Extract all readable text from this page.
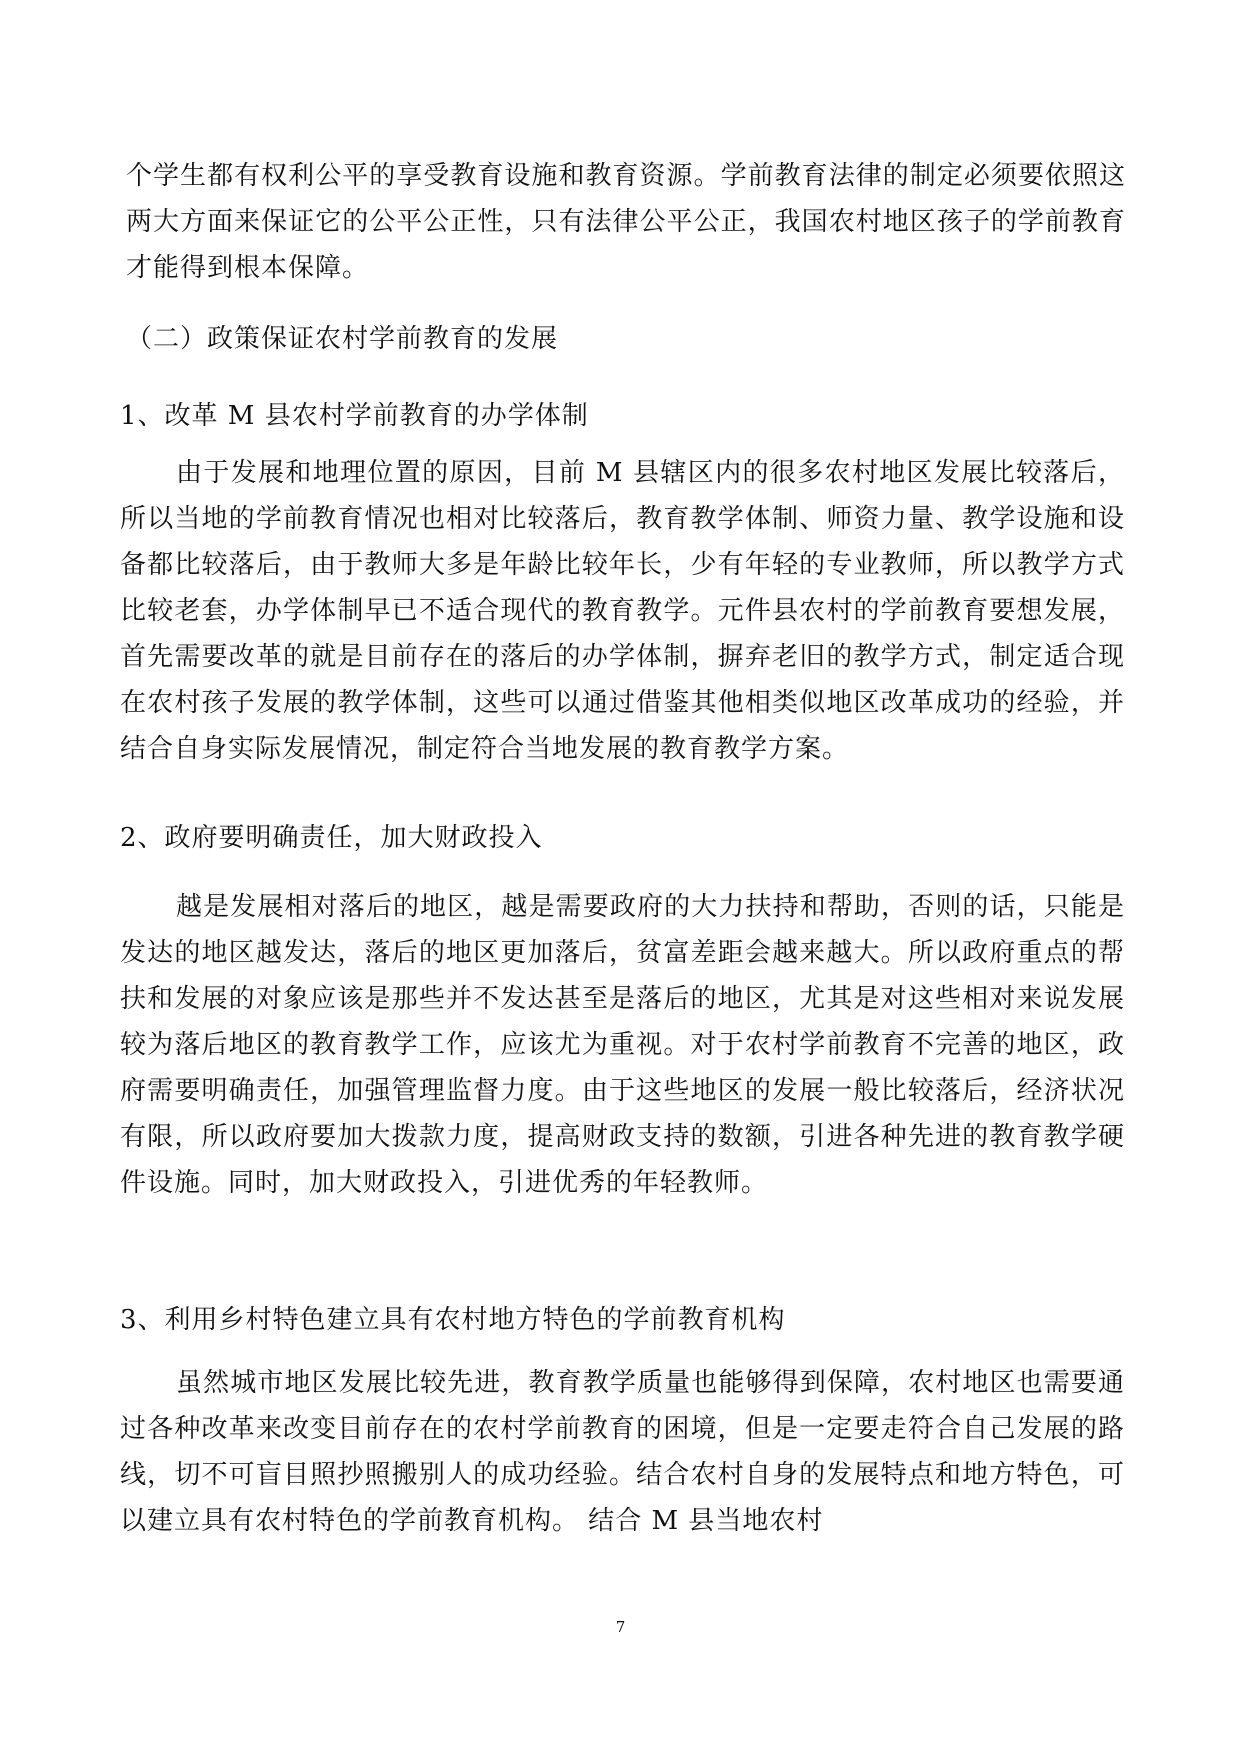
个学生都有权利公平的享受教育设施和教育资源。学前教育法律的制定必须要依照这两大方面来保证它的公平公正性，只有法律公平公正，我国农村地区孩子的学前教育才能得到根本保障。

（二）政策保证农村学前教育的发展
1、改革 M 县农村学前教育的办学体制

由于发展和地理位置的原因，目前 M 县辖区内的很多农村地区发展比较落后，所以当地的学前教育情况也相对比较落后，教育教学体制、师资力量、教学设施和设备都比较落后，由于教师大多是年龄比较年长，少有年轻的专业教师，所以教学方式比较老套，办学体制早已不适合现代的教育教学。元件县农村的学前教育要想发展，首先需要改革的就是目前存在的落后的办学体制，摒弃老旧的教学方式，制定适合现在农村孩子发展的教学体制，这些可以通过借鉴其他相类似地区改革成功的经验，并结合自身实际发展情况，制定符合当地发展的教育教学方案。

2、政府要明确责任，加大财政投入

越是发展相对落后的地区，越是需要政府的大力扶持和帮助，否则的话，只能是发达的地区越发达，落后的地区更加落后，贫富差距会越来越大。所以政府重点的帮扶和发展的对象应该是那些并不发达甚至是落后的地区，尤其是对这些相对来说发展较为落后地区的教育教学工作，应该尤为重视。对于农村学前教育不完善的地区，政府需要明确责任，加强管理监督力度。由于这些地区的发展一般比较落后，经济状况有限，所以政府要加大拨款力度，提高财政支持的数额，引进各种先进的教育教学硬件设施。同时，加大财政投入，引进优秀的年轻教师。

3、利用乡村特色建立具有农村地方特色的学前教育机构

虽然城市地区发展比较先进，教育教学质量也能够得到保障，农村地区也需要通过各种改革来改变目前存在的农村学前教育的困境，但是一定要走符合自己发展的路线，切不可盲目照抄照搬别人的成功经验。结合农村自身的发展特点和地方特色，可以建立具有农村特色的学前教育机构。 结合 M 县当地农村

7
